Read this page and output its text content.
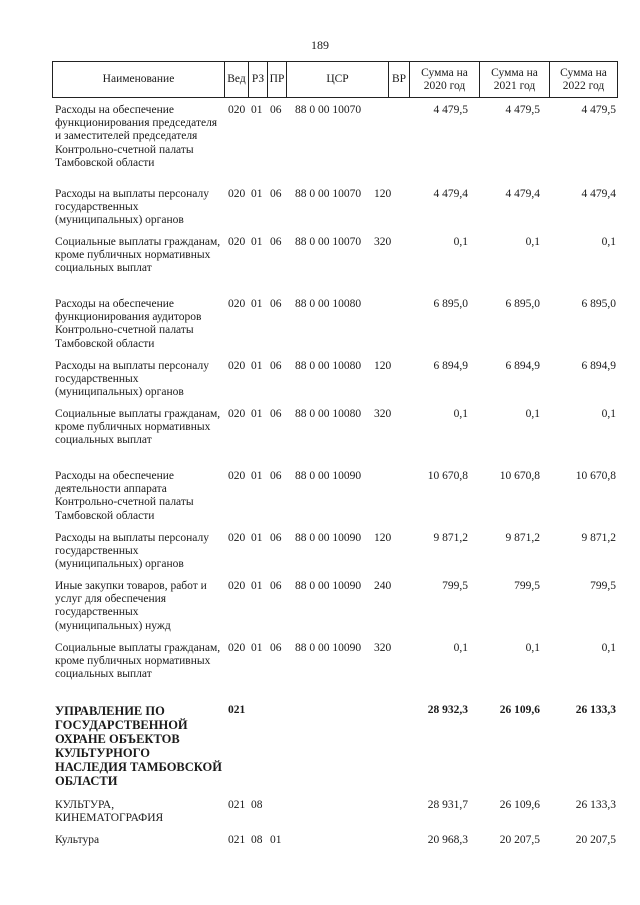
189
Наименование	Вед РЗ ПР	ЦСР	ВР
Сумма на 2020 год
Сумма на 2021 год
Сумма на 2022 год
Расходы на обеспечение функционирования председателя и заместителей председателя Контрольно-счетной палаты Тамбовской области
020 01 06 88 0 00 10070	4 479,5	4 479,5	4 479,5
Расходы на выплаты персоналу государственных (муниципальных) органов
020 01 06 88 0 00 10070 120	4 479,4	4 479,4	4 479,4
Социальные выплаты гражданам, кроме публичных нормативных социальных выплат
020 01 06 88 0 00 10070 320	0,1	0,1	0,1
Расходы на обеспечение функционирования аудиторов Контрольно-счетной палаты Тамбовской области
020 01 06 88 0 00 10080	6 895,0	6 895,0	6 895,0
Расходы на выплаты персоналу государственных (муниципальных) органов
020 01 06 88 0 00 10080 120	6 894,9	6 894,9	6 894,9
Социальные выплаты гражданам, кроме публичных нормативных социальных выплат
020 01 06 88 0 00 10080 320	0,1	0,1	0,1
Расходы на обеспечение деятельности аппарата Контрольно-счетной палаты Тамбовской области
020 01 06 88 0 00 10090	10 670,8	10 670,8	10 670,8
Расходы на выплаты персоналу государственных (муниципальных) органов
020 01 06 88 0 00 10090 120	9 871,2	9 871,2	9 871,2
Иные закупки товаров, работ и услуг для обеспечения государственных (муниципальных) нужд
020 01 06 88 0 00 10090 240	799,5	799,5	799,5
Социальные выплаты гражданам, кроме публичных нормативных социальных выплат
020 01 06 88 0 00 10090 320	0,1	0,1	0,1
УПРАВЛЕНИЕ ПО ГОСУДАРСТВЕННОЙ ОХРАНЕ ОБЪЕКТОВ КУЛЬТУРНОГО НАСЛЕДИЯ ТАМБОВСКОЙ ОБЛАСТИ
021	28 932,3	26 109,6	26 133,3
КУЛЬТУРА, КИНЕМАТОГРАФИЯ
021 08	28 931,7	26 109,6	26 133,3
Культура	021 08 01	20 968,3	20 207,5	20 207,5
